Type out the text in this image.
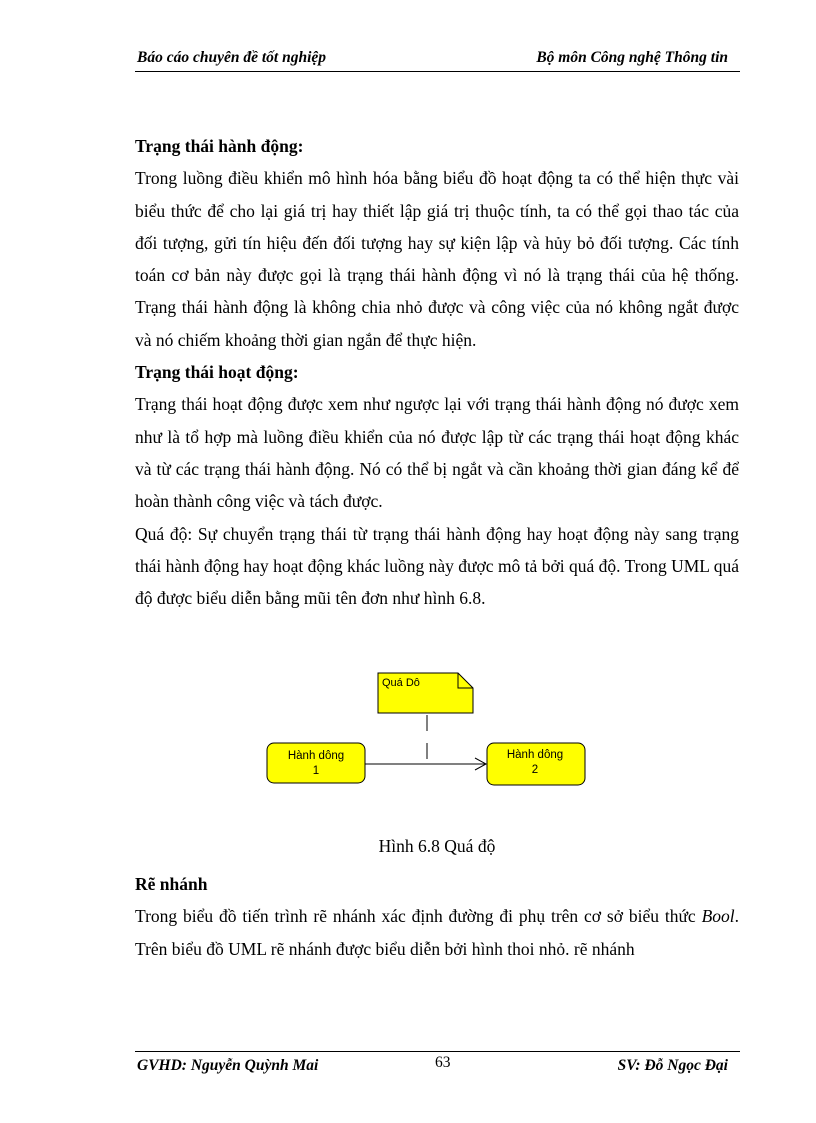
Báo cáo chuyên đề tốt nghiệp	Bộ môn Công nghệ Thông tin
Trạng thái hành động:
Trong luồng điều khiển mô hình hóa bằng biểu đồ hoạt động ta có thể hiện thực vài biểu thức để cho lại giá trị hay thiết lập giá trị thuộc tính, ta có thể gọi thao tác của đối tượng, gửi tín hiệu đến đối tượng hay sự kiện lập và hủy bỏ đối tượng. Các tính toán cơ bản này được gọi là trạng thái hành động vì nó là trạng thái của hệ thống. Trạng thái hành động là không chia nhỏ được và công việc của nó không ngắt được và nó chiếm khoảng thời gian ngắn để thực hiện.
Trạng thái hoạt động:
Trạng thái hoạt động được xem như ngược lại với trạng thái hành động nó được xem như là tổ hợp mà luồng điều khiển của nó được lập từ các trạng thái hoạt động khác và từ các trạng thái hành động. Nó có thể bị ngắt và cần khoảng thời gian đáng kể để hoàn thành công việc và tách được.
Quá độ: Sự chuyển trạng thái từ trạng thái hành động hay hoạt động này sang trạng thái hành động hay hoạt động khác luồng này được mô tả bởi quá độ. Trong UML quá độ được biểu diễn bằng mũi tên đơn như hình 6.8.
Quá Dô
Hành dông
1
Hành dông
2
Hình 6.8 Quá độ
Rẽ nhánh
Trong biểu đồ tiến trình rẽ nhánh xác định đường đi phụ trên cơ sở biểu thức Bool. Trên biểu đồ UML rẽ nhánh được biểu diễn bởi hình thoi nhỏ. rẽ nhánh
GVHD: Nguyễn Quỳnh Mai	63	SV: Đỗ Ngọc Đại
